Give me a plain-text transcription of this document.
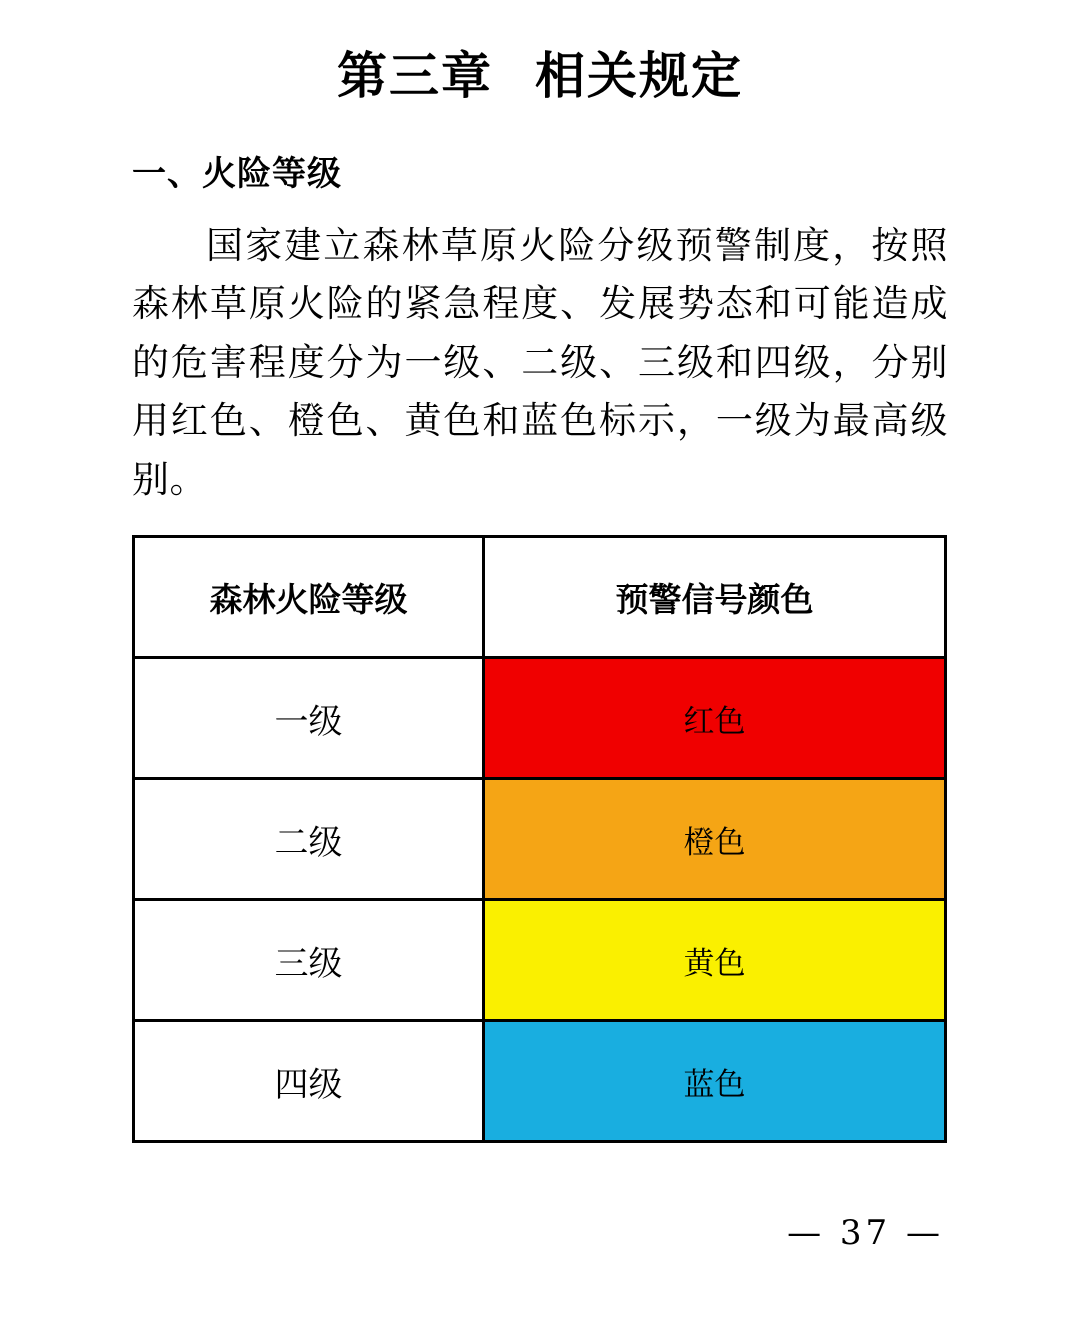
第三章 相关规定
一、火险等级

国家建立森林草原火险分级预警制度，按照森林草原火险的紧急程度、发展势态和可能造成的危害程度分为一级、二级、三级和四级，分别用红色、橙色、黄色和蓝色标示，一级为最高级别。

森林火险等级	预警信号颜色
一级	红色
二级	橙色
三级	黄色
四级	蓝色
— 37 —
